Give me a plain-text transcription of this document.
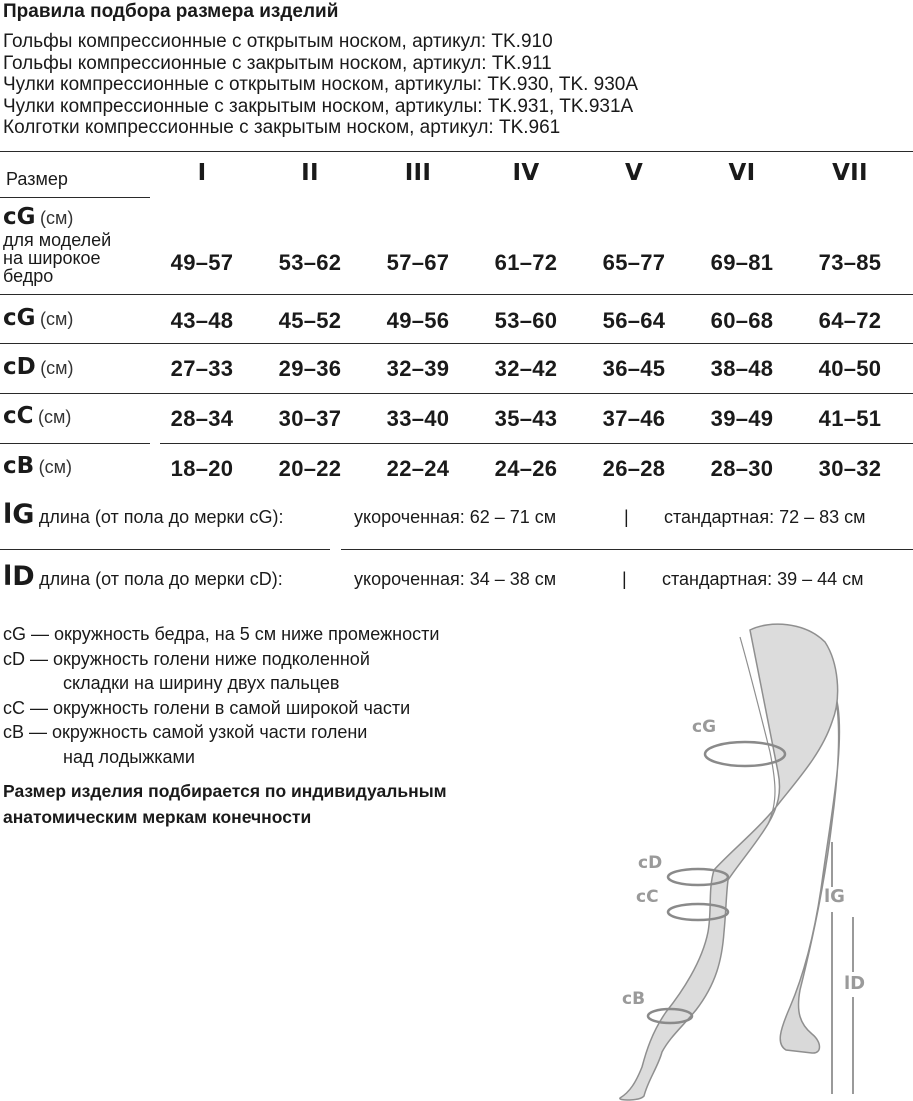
Правила подбора размера изделий
Гольфы компрессионные с открытым носком, артикул: TK.910
Гольфы компрессионные с закрытым носком, артикул: TK.911
Чулки компрессионные с открытым носком, артикулы: TK.930, TK. 930A
Чулки компрессионные с закрытым носком, артикулы: TK.931, TK.931A
Колготки компрессионные с закрытым носком, артикул: TK.961
Размер	I	II	III	IV	V	VI	VII
cG (см)
для моделей
на широкое
бедро
49–57	53–62	57–67	61–72	65–77	69–81	73–85
cG (см)	43–48	45–52	49–56	53–60	56–64	60–68	64–72
cD (см)	27–33	29–36	32–39	32–42	36–45	38–48	40–50
cC (см)	28–34	30–37	33–40	35–43	37–46	39–49	41–51
cB (см)	18–20	20–22	22–24	24–26	26–28	28–30	30–32
lG длина (от пола до мерки cG):	укороченная: 62 – 71 см	| стандартная: 72 – 83 см
lD длина (от пола до мерки cD):	укороченная: 34 – 38 см	| стандартная: 39 – 44 см
cG — окружность бедра, на 5 см ниже промежности
cD — окружность голени ниже подколенной
складки на ширину двух пальцев
cC — окружность голени в самой широкой части
cB — окружность самой узкой части голени
над лодыжками
Размер изделия подбирается по индивидуальным анатомическим меркам конечности
cG
cD
cC
cB
lG
lD
